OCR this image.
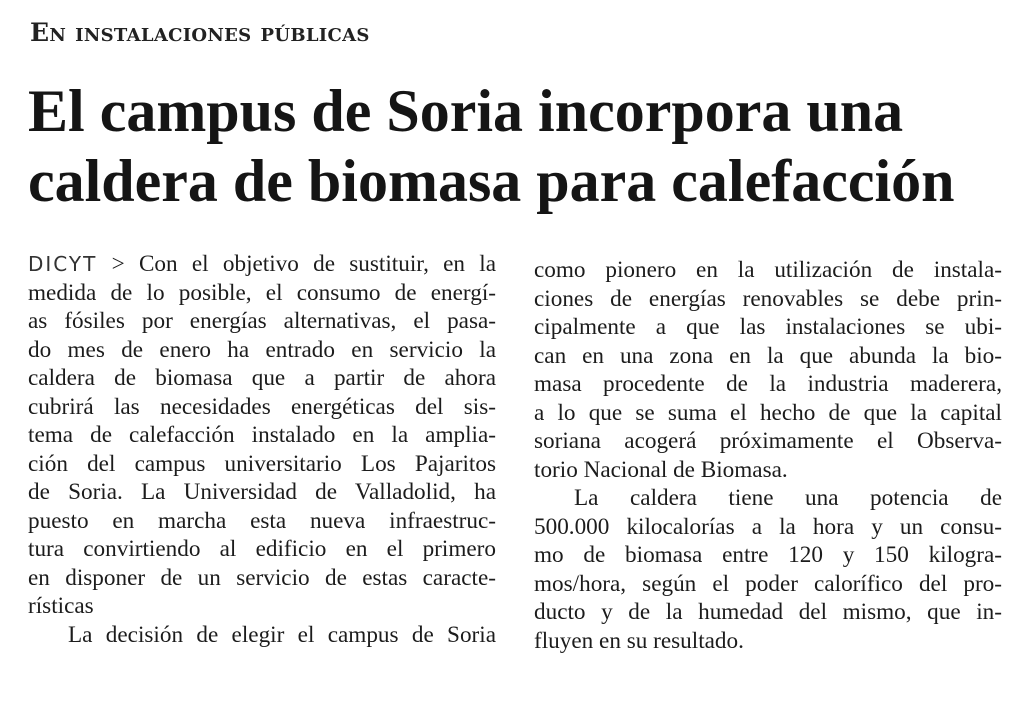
En instalaciones públicas
El campus de Soria incorpora una
caldera de biomasa para calefacción
DICYT > Con el objetivo de sustituir, en la
medida de lo posible, el consumo de energí-
as fósiles por energías alternativas, el pasa-
do mes de enero ha entrado en servicio la
caldera de biomasa que a partir de ahora
cubrirá las necesidades energéticas del sis-
tema de calefacción instalado en la amplia-
ción del campus universitario Los Pajaritos
de Soria. La Universidad de Valladolid, ha
puesto en marcha esta nueva infraestruc-
tura convirtiendo al edificio en el primero
en disponer de un servicio de estas caracte-
rísticas
La decisión de elegir el campus de Soria
como pionero en la utilización de instala-
ciones de energías renovables se debe prin-
cipalmente a que las instalaciones se ubi-
can en una zona en la que abunda la bio-
masa procedente de la industria maderera,
a lo que se suma el hecho de que la capital
soriana acogerá próximamente el Observa-
torio Nacional de Biomasa.
La caldera tiene una potencia de
500.000 kilocalorías a la hora y un consu-
mo de biomasa entre 120 y 150 kilogra-
mos/hora, según el poder calorífico del pro-
ducto y de la humedad del mismo, que in-
fluyen en su resultado.
